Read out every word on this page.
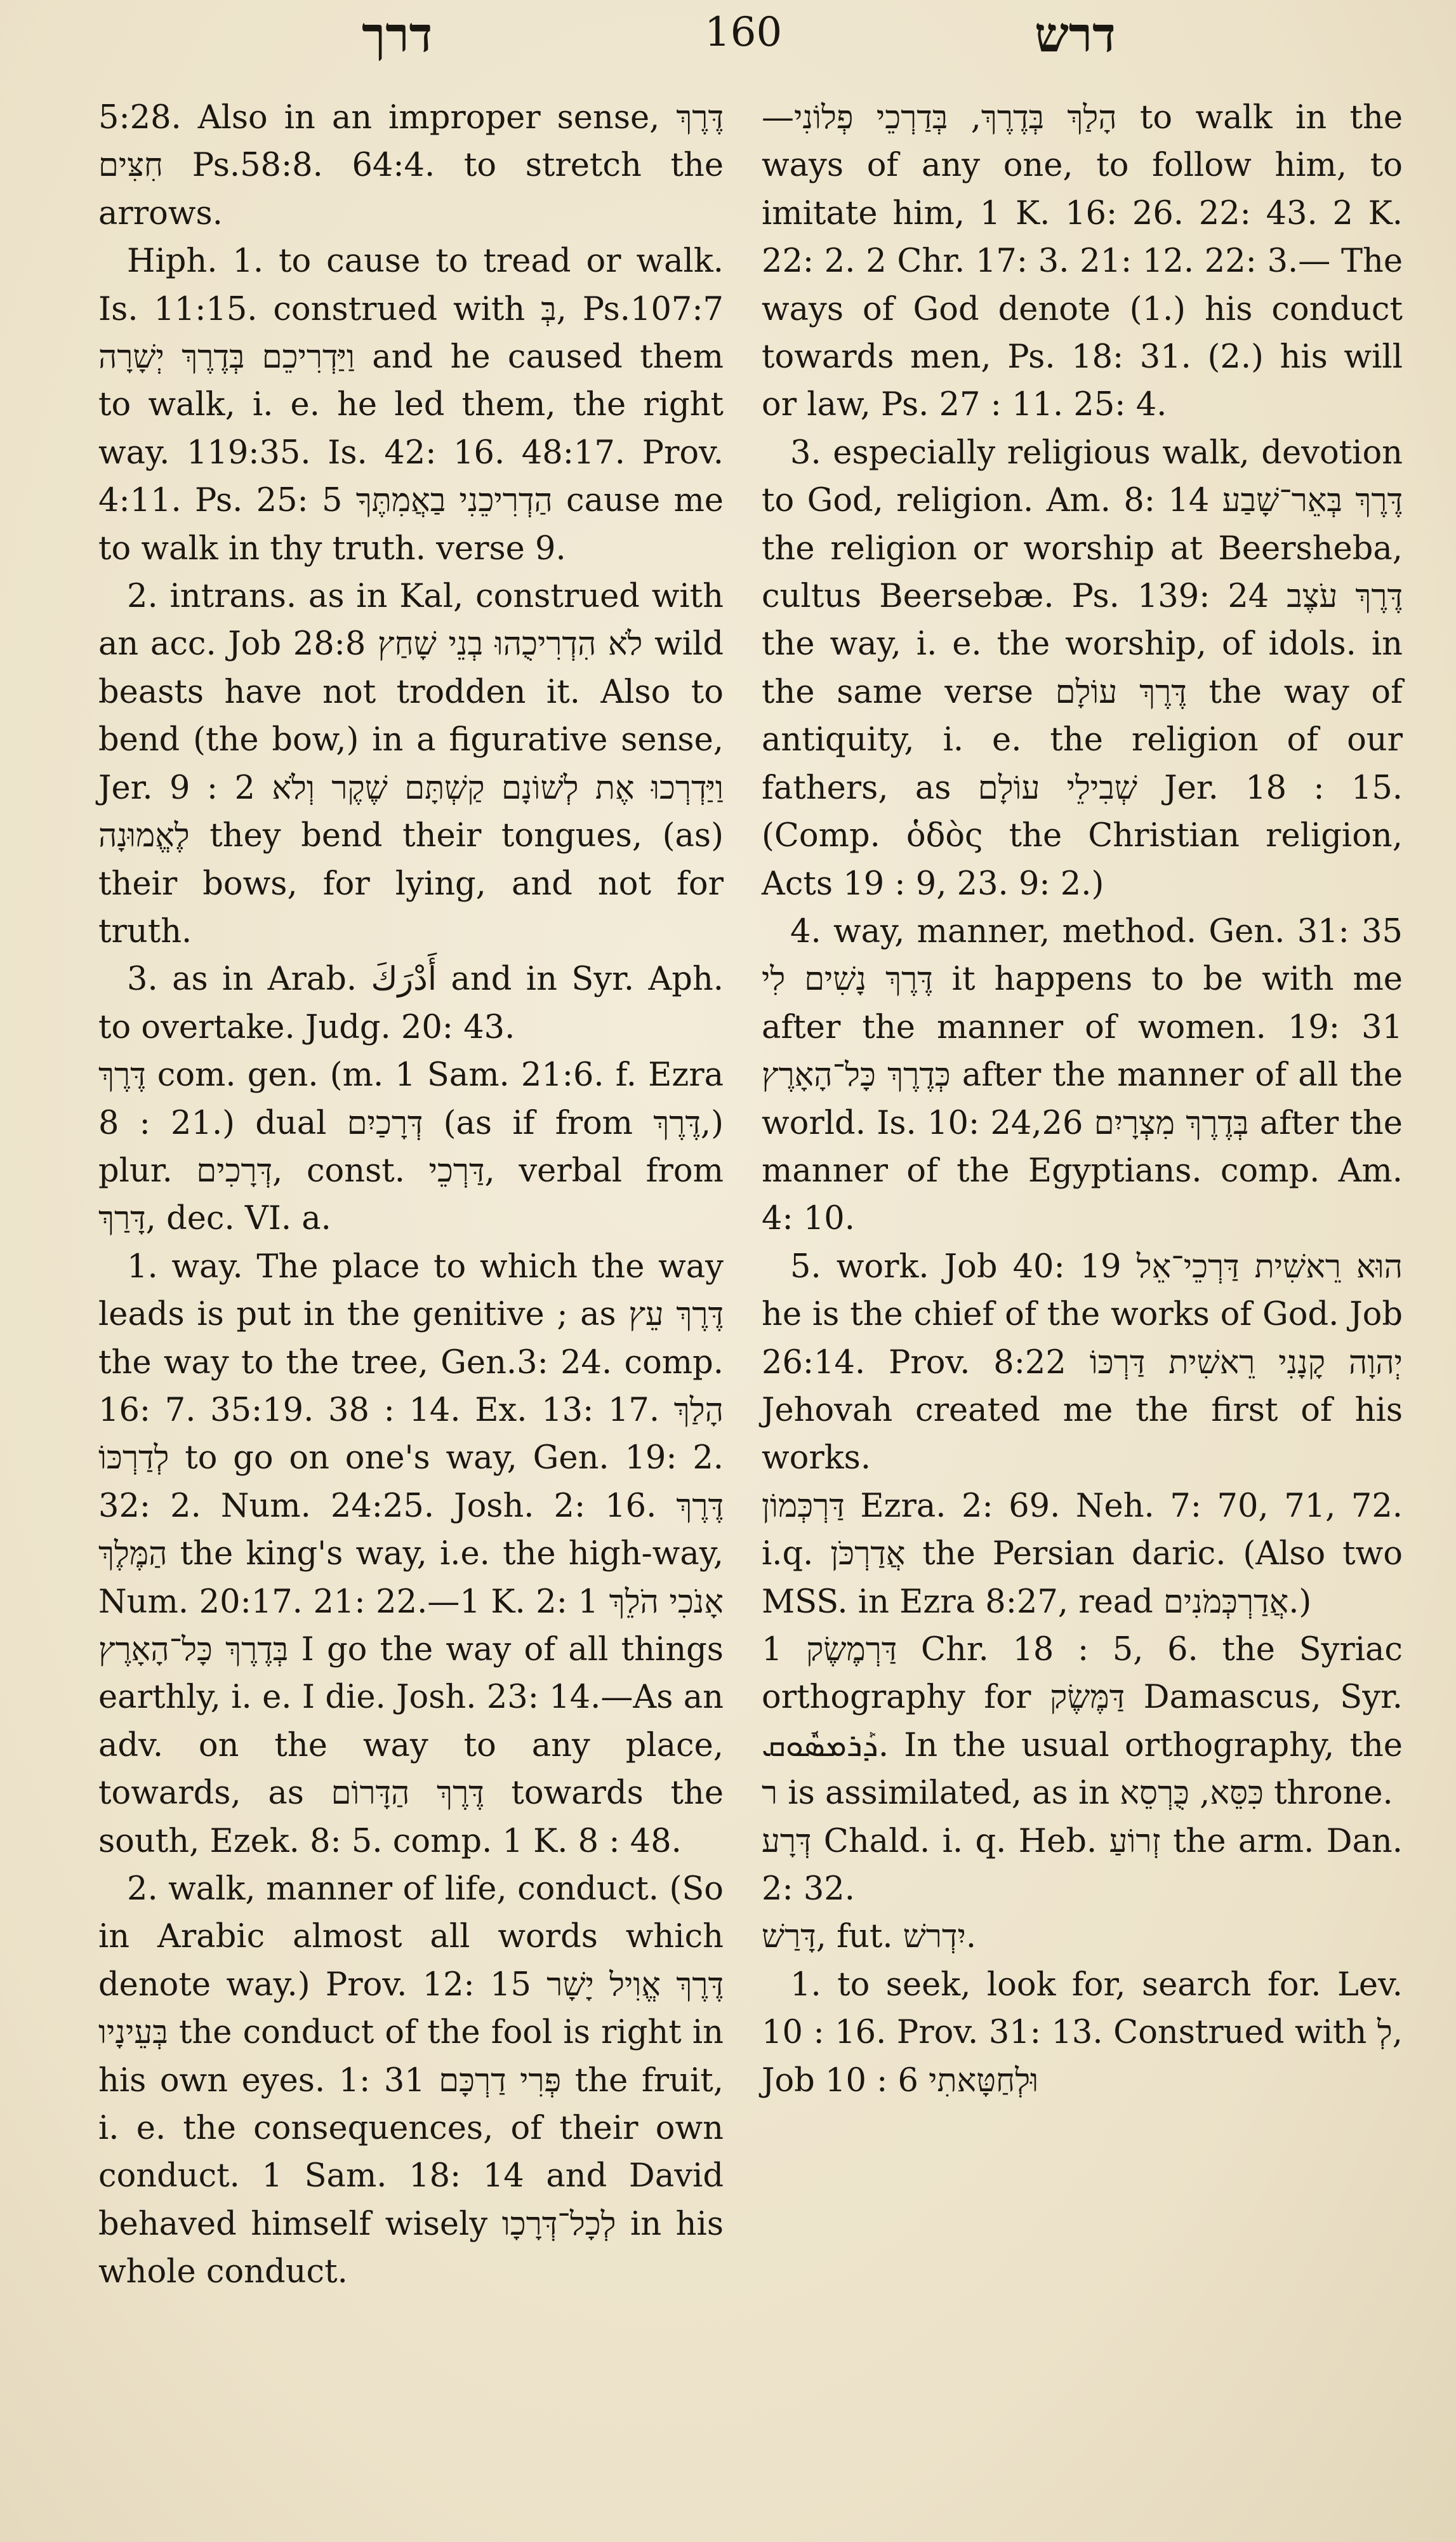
דרך	160	דרש

5:28. Also in an improper sense, דֶּרֶךְ חִצִּים Ps.58:8. 64:4. to stretch the arrows.

Hiph. 1. to cause to tread or walk. Is. 11:15. construed with בְּ, Ps.107:7 וַיַּדְרִיכֵם בְּדֶרֶךְ יְשָׁרָה and he caused them to walk, i. e. he led them, the right way. 119:35. Is. 42: 16. 48:17. Prov. 4:11. Ps. 25: 5 הַדְרִיכֵנִי בַאֲמִתֶּךָ cause me to walk in thy truth. verse 9.

2. intrans. as in Kal, construed with an acc. Job 28:8 לֹא הִדְרִיכֻהוּ בְנֵי שָׁחַץ wild beasts have not trodden it. Also to bend (the bow,) in a figurative sense, Jer. 9 : 2 וַיַּדְרְכוּ אֶת לְשׁוֹנָם קַשְׁתָּם שֶׁקֶר וְלֹא לֶאֱמוּנָה they bend their tongues, (as) their bows, for lying, and not for truth.

3. as in Arab. أَدْرَكَ and in Syr. Aph. to overtake. Judg. 20: 43.

דֶּרֶךְ com. gen. (m. 1 Sam. 21:6. f. Ezra 8 : 21.) dual דְּרָכַיִם (as if from דֶּרֶךְ,) plur. דְּרָכִים, const. דַּרְכֵי, verbal from דָּרַךְ, dec. VI. a.

1. way. The place to which the way leads is put in the genitive ; as דֶּרֶךְ עֵץ the way to the tree, Gen.3: 24. comp. 16: 7. 35:19. 38 : 14. Ex. 13: 17. הָלַךְ לְדַרְכּוֹ to go on one's way, Gen. 19: 2. 32: 2. Num. 24:25. Josh. 2: 16. דֶּרֶךְ הַמֶּלֶךְ the king's way, i.e. the high-way, Num. 20:17. 21: 22.—1 K. 2: 1 אָנֹכִי הֹלֵךְ בְּדֶרֶךְ כָּל־הָאָרֶץ I go the way of all things earthly, i. e. I die. Josh. 23: 14.—As an adv. on the way to any place, towards, as דֶּרֶךְ הַדָּרוֹם towards the south, Ezek. 8: 5. comp. 1 K. 8 : 48.

2. walk, manner of life, conduct. (So in Arabic almost all words which denote way.) Prov. 12: 15 דֶּרֶךְ אֱוִיל יָשָׁר בְּעֵינָיו the conduct of the fool is right in his own eyes. 1: 31 פְּרִי דַרְכָּם the fruit, i. e. the consequences, of their own conduct. 1 Sam. 18: 14 and David behaved himself wisely לְכָל־דְּרָכָו in his whole conduct.

—הָלַךְ בְּדֶרֶךְ, בְּדַרְכֵי פְלוֹנִי to walk in the ways of any one, to follow him, to imitate him, 1 K. 16: 26. 22: 43. 2 K. 22: 2. 2 Chr. 17: 3. 21: 12. 22: 3.— The ways of God denote (1.) his conduct towards men, Ps. 18: 31. (2.) his will or law, Ps. 27 : 11. 25: 4.

3. especially religious walk, devotion to God, religion. Am. 8: 14 דֶּרֶךְ בְּאֵר־שָׁבַע the religion or worship at Beersheba, cultus Beersebæ. Ps. 139: 24 דֶּרֶךְ עֹצֶב the way, i. e. the worship, of idols. in the same verse דֶּרֶךְ עוֹלָם the way of antiquity, i. e. the religion of our fathers, as שְׁבִילֵי עוֹלָם Jer. 18 : 15. (Comp. ὁδὸς the Christian religion, Acts 19 : 9, 23. 9: 2.)

4. way, manner, method. Gen. 31: 35 דֶּרֶךְ נָשִׁים לִי it happens to be with me after the manner of women. 19: 31 כְּדֶרֶךְ כָּל־הָאָרֶץ after the manner of all the world. Is. 10: 24,26 בְּדֶרֶךְ מִצְרָיִם after the manner of the Egyptians. comp. Am. 4: 10.

5. work. Job 40: 19 הוּא רֵאשִׁית דַּרְכֵי־אֵל he is the chief of the works of God. Job 26:14. Prov. 8:22 יְהוָה קָנָנִי רֵאשִׁית דַּרְכּוֹ Jehovah created me the first of his works.

דַּרְכְּמוֹן Ezra. 2: 69. Neh. 7: 70, 71, 72. i.q. אֲדַרְכֹּן the Persian daric. (Also two MSS. in Ezra 8:27, read אֲדַרְכְּמֹנִים.)

דַּרְמֶשֶׂק 1 Chr. 18 : 5, 6. the Syriac orthography for דַּמֶּשֶׂק Damascus, Syr. ܕܰܪܡܣܽܘܩ. In the usual orthography, the ר is assimilated, as in כִּסֵּא, כֻּרְסֵא throne.

דְּרָע Chald. i. q. Heb. זְרוֹעַ the arm. Dan. 2: 32.

דָּרַשׁ, fut. יִדְרשׁ.

1. to seek, look for, search for. Lev. 10 : 16. Prov. 31: 13. Construed with לְ, Job 10 : 6 וּלְחַטָּאתִי
